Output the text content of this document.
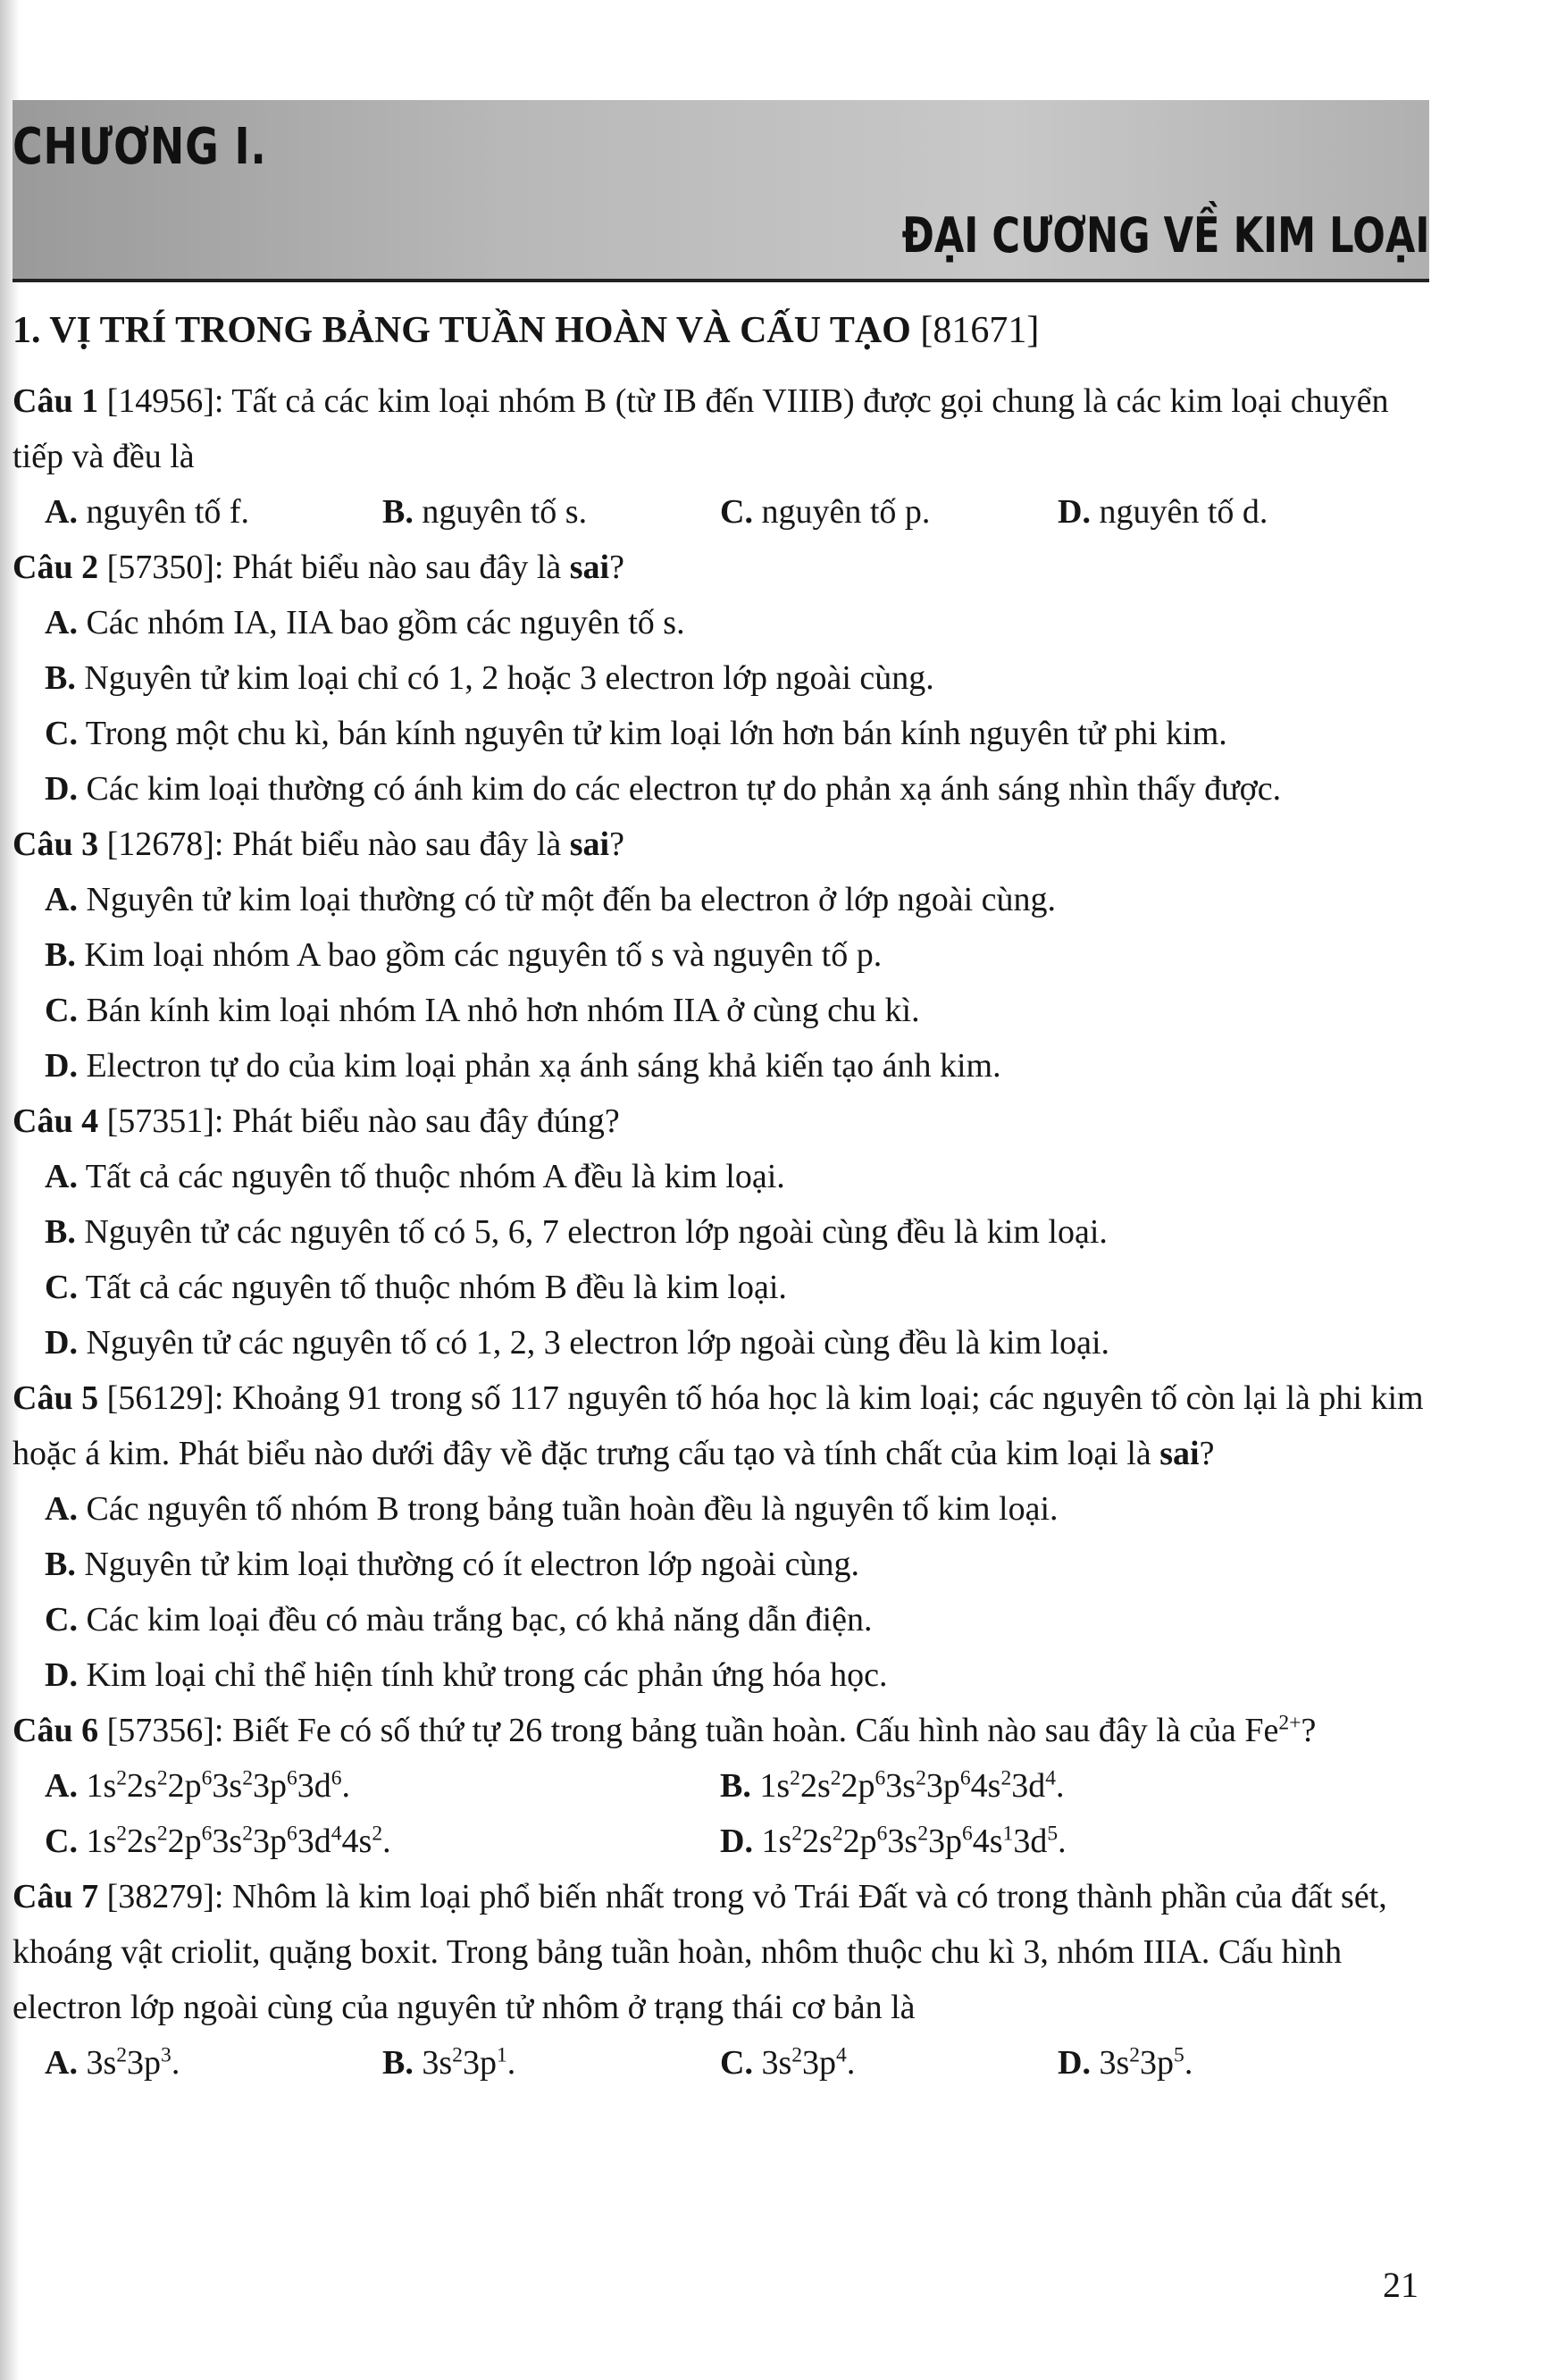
CHƯƠNG I.
ĐẠI CƯƠNG VỀ KIM LOẠI
1. VỊ TRÍ TRONG BẢNG TUẦN HOÀN VÀ CẤU TẠO [81671]

Câu 1 [14956]: Tất cả các kim loại nhóm B (từ IB đến VIIIB) được gọi chung là các kim loại chuyển tiếp và đều là

A. nguyên tố f.	B. nguyên tố s.	C. nguyên tố p.	D. nguyên tố d.

Câu 2 [57350]: Phát biểu nào sau đây là sai?

A. Các nhóm IA, IIA bao gồm các nguyên tố s.
B. Nguyên tử kim loại chỉ có 1, 2 hoặc 3 electron lớp ngoài cùng.
C. Trong một chu kì, bán kính nguyên tử kim loại lớn hơn bán kính nguyên tử phi kim.
D. Các kim loại thường có ánh kim do các electron tự do phản xạ ánh sáng nhìn thấy được.

Câu 3 [12678]: Phát biểu nào sau đây là sai?

A. Nguyên tử kim loại thường có từ một đến ba electron ở lớp ngoài cùng.
B. Kim loại nhóm A bao gồm các nguyên tố s và nguyên tố p.
C. Bán kính kim loại nhóm IA nhỏ hơn nhóm IIA ở cùng chu kì.
D. Electron tự do của kim loại phản xạ ánh sáng khả kiến tạo ánh kim.

Câu 4 [57351]: Phát biểu nào sau đây đúng?

A. Tất cả các nguyên tố thuộc nhóm A đều là kim loại.
B. Nguyên tử các nguyên tố có 5, 6, 7 electron lớp ngoài cùng đều là kim loại.
C. Tất cả các nguyên tố thuộc nhóm B đều là kim loại.
D. Nguyên tử các nguyên tố có 1, 2, 3 electron lớp ngoài cùng đều là kim loại.

Câu 5 [56129]: Khoảng 91 trong số 117 nguyên tố hóa học là kim loại; các nguyên tố còn lại là phi kim hoặc á kim. Phát biểu nào dưới đây về đặc trưng cấu tạo và tính chất của kim loại là sai?

A. Các nguyên tố nhóm B trong bảng tuần hoàn đều là nguyên tố kim loại.
B. Nguyên tử kim loại thường có ít electron lớp ngoài cùng.
C. Các kim loại đều có màu trắng bạc, có khả năng dẫn điện.
D. Kim loại chỉ thể hiện tính khử trong các phản ứng hóa học.

Câu 6 [57356]: Biết Fe có số thứ tự 26 trong bảng tuần hoàn. Cấu hình nào sau đây là của $Fe^{2+}$?

A. $1s^22s^22p^63s^23p^63d^6$.	B. $1s^22s^22p^63s^23p^64s^23d^4$.
C. $1s^22s^22p^63s^23p^63d^44s^2$.	D. $1s^22s^22p^63s^23p^64s^13d^5$.

Câu 7 [38279]: Nhôm là kim loại phổ biến nhất trong vỏ Trái Đất và có trong thành phần của đất sét, khoáng vật criolit, quặng boxit. Trong bảng tuần hoàn, nhôm thuộc chu kì 3, nhóm IIIA. Cấu hình electron lớp ngoài cùng của nguyên tử nhôm ở trạng thái cơ bản là

A. $3s^23p^3$.	B. $3s^23p^1$.	C. $3s^23p^4$.	D. $3s^23p^5$.
21
